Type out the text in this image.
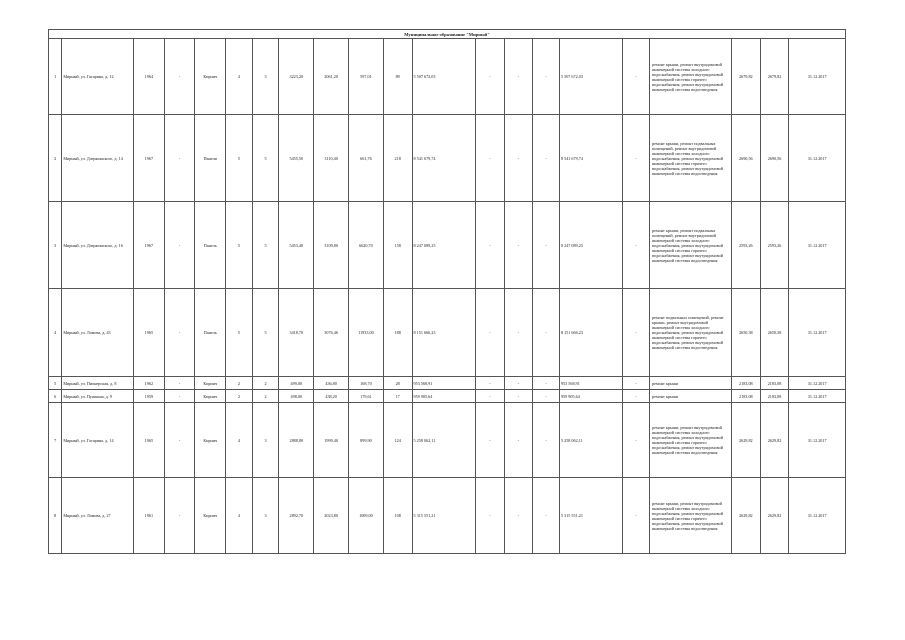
Муниципальное образование "Мирный"																				
1	Мирный, ул. Гагарина, д. 12	1964	-	Кирпич	4	3	3223,20	2061,20	597,01	89	5 507 672,03	-	-	-	5 507 672,03	-	ремонт крыши, ремонт внутридомовой инженерной системы холодного водоснабжения, ремонт внутридомовой инженерной системы горячего водоснабжения, ремонт внутридомовой инженерной системы водоотведения	2679,82	2679,82	31.12.2017
2	Мирный, ул. Дзержинского, д. 14	1967	-	Панели	5	5	5455,50	3110,40	661,76	218	8 541 679,74	-	-	-	8 541 679,74	-	ремонт крыши, ремонт подвальных помещений, ремонт внутридомовой инженерной системы холодного водоснабжения, ремонт внутридомовой инженерной системы горячего водоснабжения, ремонт внутридомовой инженерной системы водоотведения	2690,56	2690,56	31.12.2017
3	Мирный, ул. Дзержинского, д. 16	1967	-	Панель	5	5	5453,40	3109,80	6620,70	158	8 247 089,25	-	-	-	8 247 089,25	-	ремонт крыши, ремонт подвальных помещений, ремонт внутридомовой инженерной системы холодного водоснабжения, ремонт внутридомовой инженерной системы горячего водоснабжения, ремонт внутридомовой инженерной системы водоотведения	2593,26	2593,26	31.12.2017
4	Мирный, ул. Ломова, д. 43	1965	-	Панель	5	5	3418,70	3076,46	11933,00	188	8 151 666,23	-	-	-	8 151 666,23	-	ремонт подвальных помещений, ремонт крыши, ремонт внутридомовой инженерной системы холодного водоснабжения, ремонт внутридомовой инженерной системы горячего водоснабжения, ремонт внутридомовой инженерной системы водоотведения	2650,38	2650,38	31.12.2017
5	Мирный, ул. Пионерская, д. 8	1962	-	Кирпич	2	2	499,00	436,80	168,70	28	953 568,91	-	-	-	953 568,91	-	ремонт крыши	2183,08	2183,08	31.12.2017
6	Мирный, ул. Пушкина, д. 9	1959	-	Кирпич	2	2	498,00	438,20	179,61	17	959 905,64	-	-	-	959 905,64	-	ремонт крыши	2183,08	2183,08	31.12.2017
7	Мирный, ул. Гагарина, д. 14	1965	-	Кирпич	4	3	2888,80	1999,40	899,90	124	5 258 062,11	-	-	-	5 258 062,11	-	ремонт крыши, ремонт внутридомовой инженерной системы холодного водоснабжения, ремонт внутридомовой инженерной системы горячего водоснабжения, ремонт внутридомовой инженерной системы водоотведения	2629,82	2629,82	31.12.2017
8	Мирный, ул. Ломова, д. 27	1961	-	Кирпич	4	3	2892,70	2023,80	1009,00	108	5 315 551,21	-	-	-	5 315 551,21	-	ремонт крыши, ремонт внутридомовой инженерной системы холодного водоснабжения, ремонт внутридомовой инженерной системы горячего водоснабжения, ремонт внутридомовой инженерной системы водоотведения	2629,82	2629,82	31.12.2017
